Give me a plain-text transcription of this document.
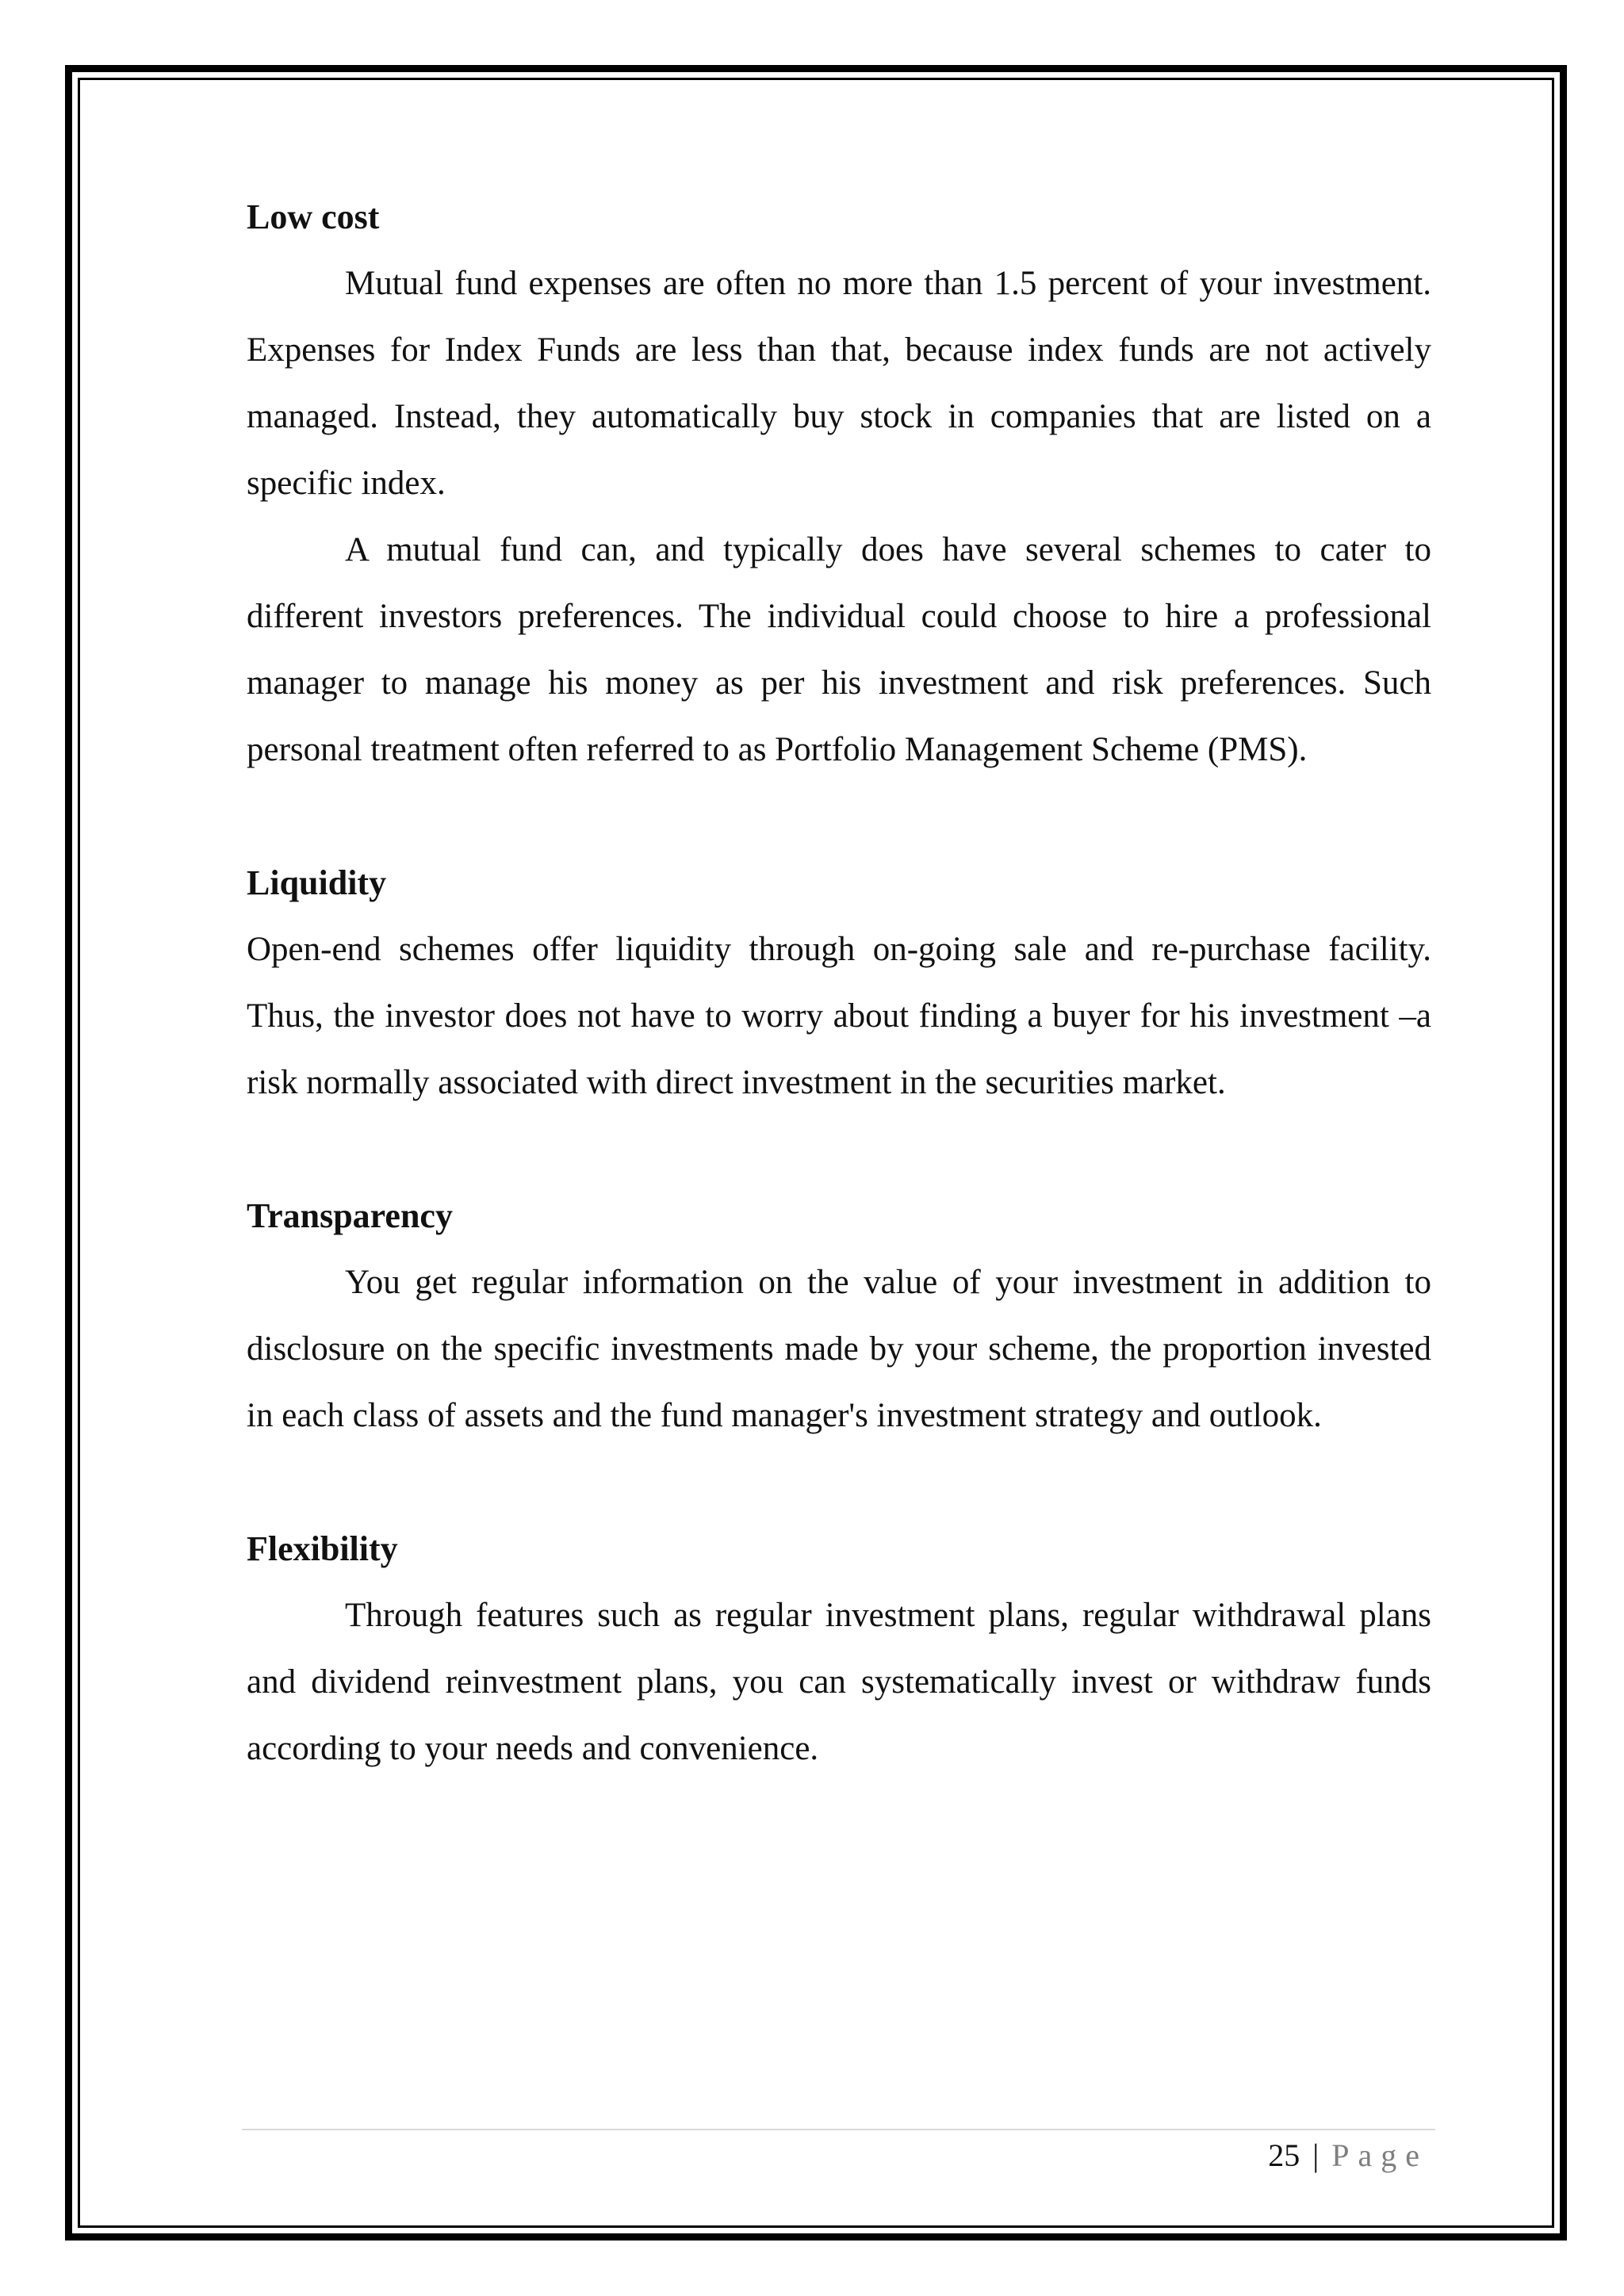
Low cost

Mutual fund expenses are often no more than 1.5 percent of your investment. Expenses for Index Funds are less than that, because index funds are not actively managed. Instead, they automatically buy stock in companies that are listed on a specific index.

A mutual fund can, and typically does have several schemes to cater to different investors preferences. The individual could choose to hire a professional manager to manage his money as per his investment and risk preferences. Such personal treatment often referred to as Portfolio Management Scheme (PMS).

Liquidity

Open-end schemes offer liquidity through on-going sale and re-purchase facility. Thus, the investor does not have to worry about finding a buyer for his investment –a risk normally associated with direct investment in the securities market.

Transparency

You get regular information on the value of your investment in addition to disclosure on the specific investments made by your scheme, the proportion invested in each class of assets and the fund manager's investment strategy and outlook.

Flexibility

Through features such as regular investment plans, regular withdrawal plans and dividend reinvestment plans, you can systematically invest or withdraw funds according to your needs and convenience.

25 | Page
